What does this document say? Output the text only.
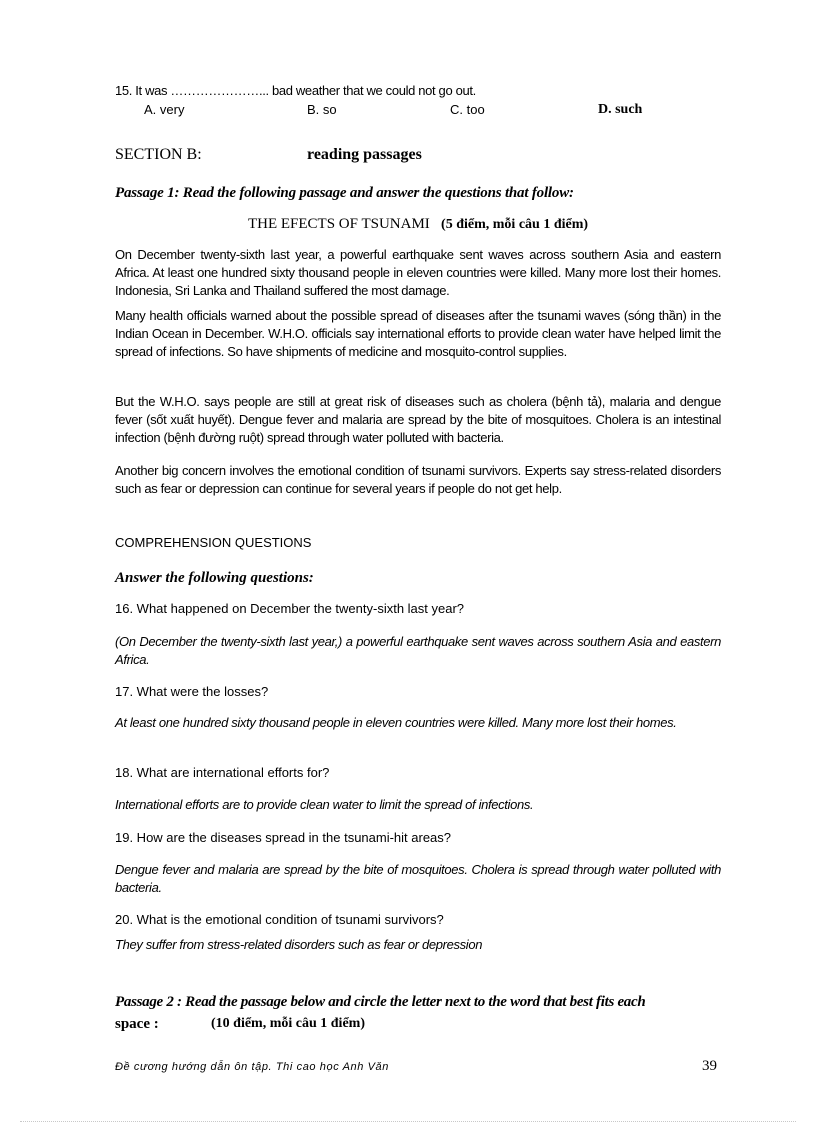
15. It was …………………... bad weather that we could not go out.
A. very	B. so	C. too	D. such
SECTION B:	reading passages
Passage 1: Read the following passage and answer the questions that follow:
THE EFECTS OF TSUNAMI (5 điểm, mỗi câu 1 điểm)
On December twenty-sixth last year, a powerful earthquake sent waves across southern Asia and eastern Africa. At least one hundred sixty thousand people in eleven countries were killed. Many more lost their homes. Indonesia, Sri Lanka and Thailand suffered the most damage.
Many health officials warned about the possible spread of diseases after the tsunami waves (sóng thần) in the Indian Ocean in December. W.H.O. officials say international efforts to provide clean water have helped limit the spread of infections. So have shipments of medicine and mosquito-control supplies.
But the W.H.O. says people are still at great risk of diseases such as cholera (bệnh tả), malaria and dengue fever (sốt xuất huyết). Dengue fever and malaria are spread by the bite of mosquitoes. Cholera is an intestinal infection (bệnh đường ruột) spread through water polluted with bacteria.
Another big concern involves the emotional condition of tsunami survivors. Experts say stress-related disorders such as fear or depression can continue for several years if people do not get help.
COMPREHENSION QUESTIONS
Answer the following questions:
16. What happened on December the twenty-sixth last year?
(On December the twenty-sixth last year,) a powerful earthquake sent waves across southern Asia and eastern Africa.
17. What were the losses?
At least one hundred sixty thousand people in eleven countries were killed. Many more lost their homes.
18. What are international efforts for?
International efforts are to provide clean water to limit the spread of infections.
19. How are the diseases spread in the tsunami-hit areas?
Dengue fever and malaria are spread by the bite of mosquitoes. Cholera is spread through water polluted with bacteria.
20. What is the emotional condition of tsunami survivors?
They suffer from stress-related disorders such as fear or depression
Passage 2 : Read the passage below and circle the letter next to the word that best fits each
space :	(10 điểm, mỗi câu 1 điểm)
Đề cương hướng dẫn ôn tập. Thi cao học Anh Văn	39
